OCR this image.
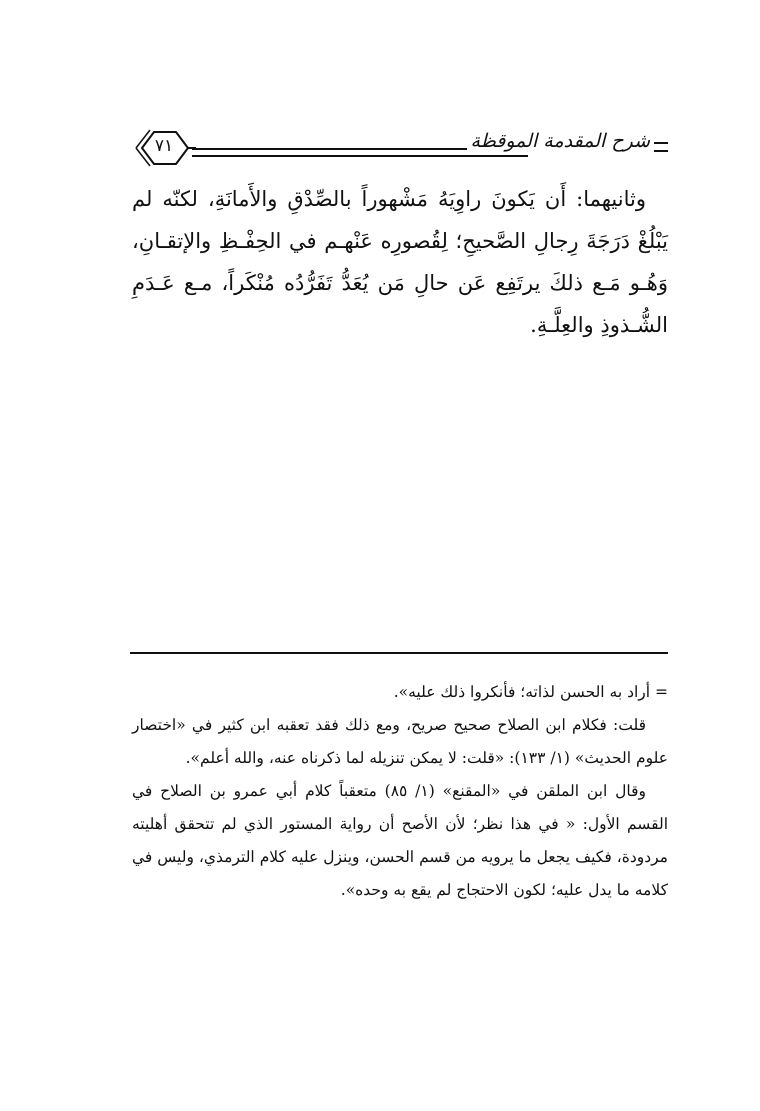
شرح المقدمة الموقظة
٧١

وثانيهما: أَن يَكونَ راوِيَهُ مَشْهوراً بالصِّدْقِ والأَمانَةِ، لكنّه لم يَبْلُغْ دَرَجَةَ رِجالِ الصَّحيحِ؛ لِقُصورِه عَنْهـم في الحِفْـظِ والإتقـانِ، وَهُـو مَـع ذلكَ يرتَفِع عَن حالِ مَن يُعَدُّ تَفَرُّدُه مُنْكَراً، مـع عَـدَمِ الشُّـذوذِ والعِلَّـةِ.

= أراد به الحسن لذاته؛ فأنكروا ذلك عليه».

قلت: فكلام ابن الصلاح صحيح صريح، ومع ذلك فقد تعقبه ابن كثير في «اختصار علوم الحديث» (١/ ١٣٣): «قلت: لا يمكن تنزيله لما ذكرناه عنه، والله أعلم».

وقال ابن الملقن في «المقنع» (١/ ٨٥) متعقباً كلام أبي عمرو بن الصلاح في القسم الأول: « في هذا نظر؛ لأن الأصح أن رواية المستور الذي لم تتحقق أهليته مردودة، فكيف يجعل ما يرويه من قسم الحسن، وينزل عليه كلام الترمذي، وليس في كلامه ما يدل عليه؛ لكون الاحتجاج لم يقع به وحده».
